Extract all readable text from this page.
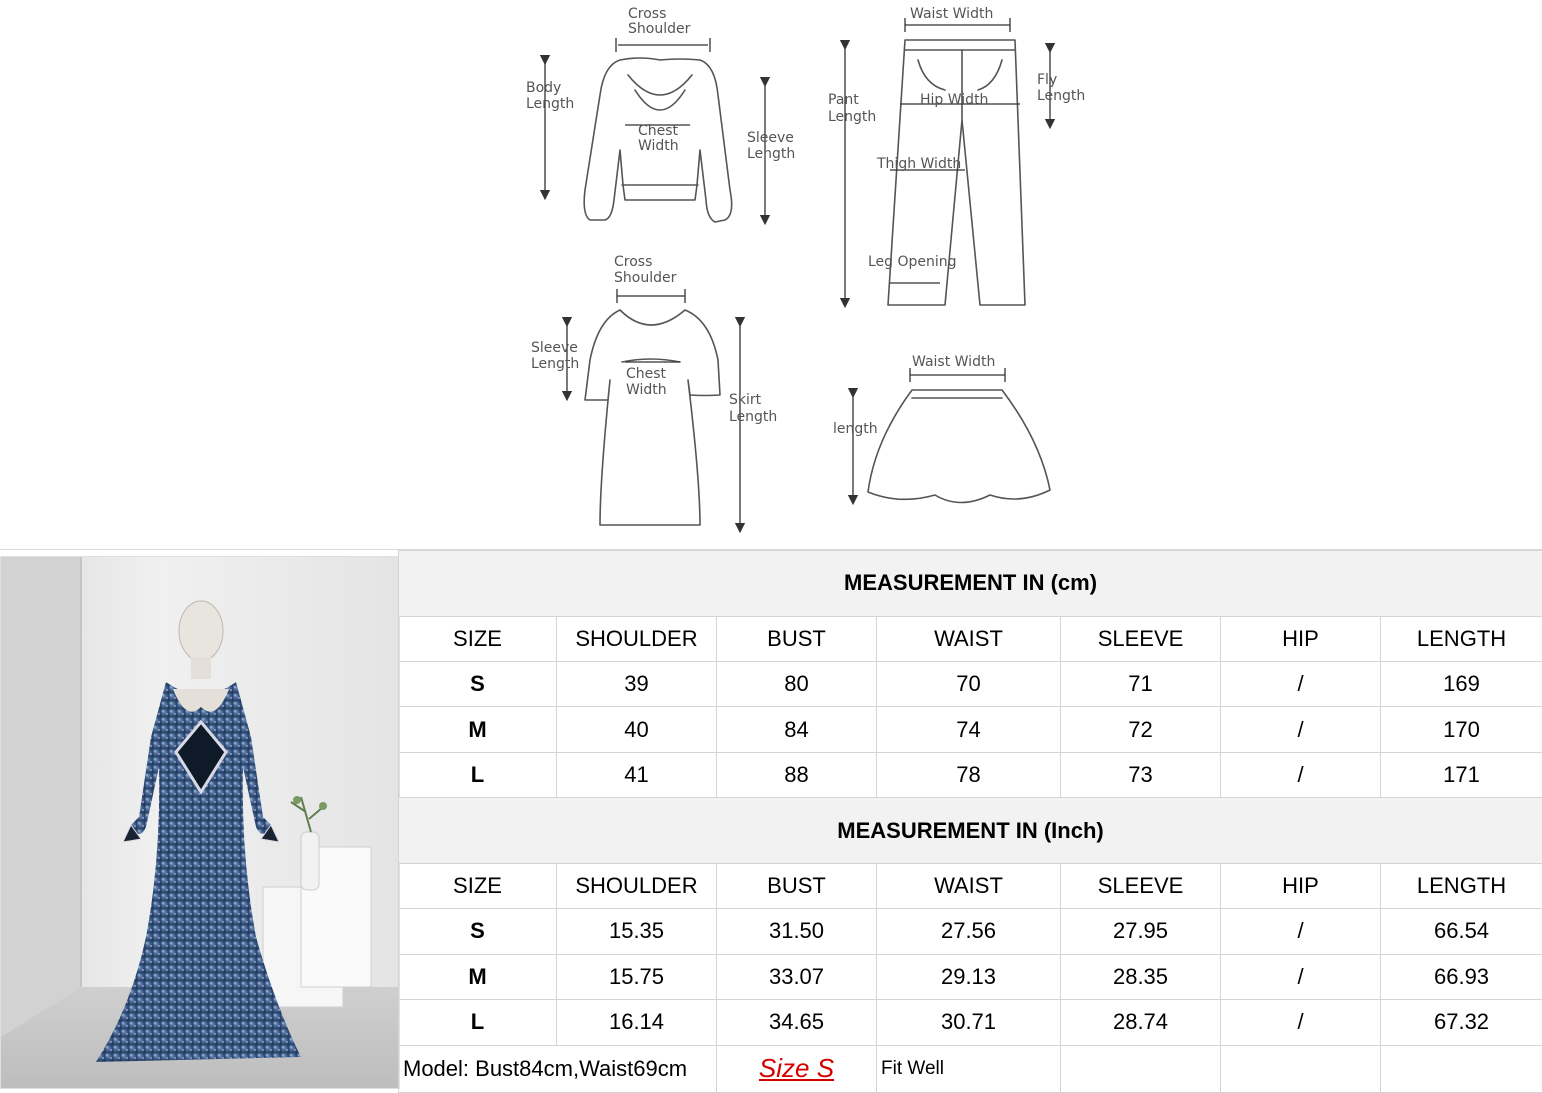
Cross Shoulder
Body Length
Chest Width	Sleeve Length
Waist Width
Pant Length
Hip Width
Fly Length
Thigh Width
Leg Opening
Cross Shoulder
Sleeve Length
Chest Width
Skirt Length
Waist Width
length
MEASUREMENT IN (cm)						
SIZE	SHOULDER	BUST	WAIST	SLEEVE	HIP	LENGTH
S	39	80	70	71	/	169
M	40	84	74	72	/	170
L	41	88	78	73	/	171
MEASUREMENT IN (Inch)						
SIZE	SHOULDER	BUST	WAIST	SLEEVE	HIP	LENGTH
S	15.35	31.50	27.56	27.95	/	66.54
M	15.75	33.07	29.13	28.35	/	66.93
L	16.14	34.65	30.71	28.74	/	67.32
Model: Bust84cm,Waist69cm		Size S	Fit Well			
